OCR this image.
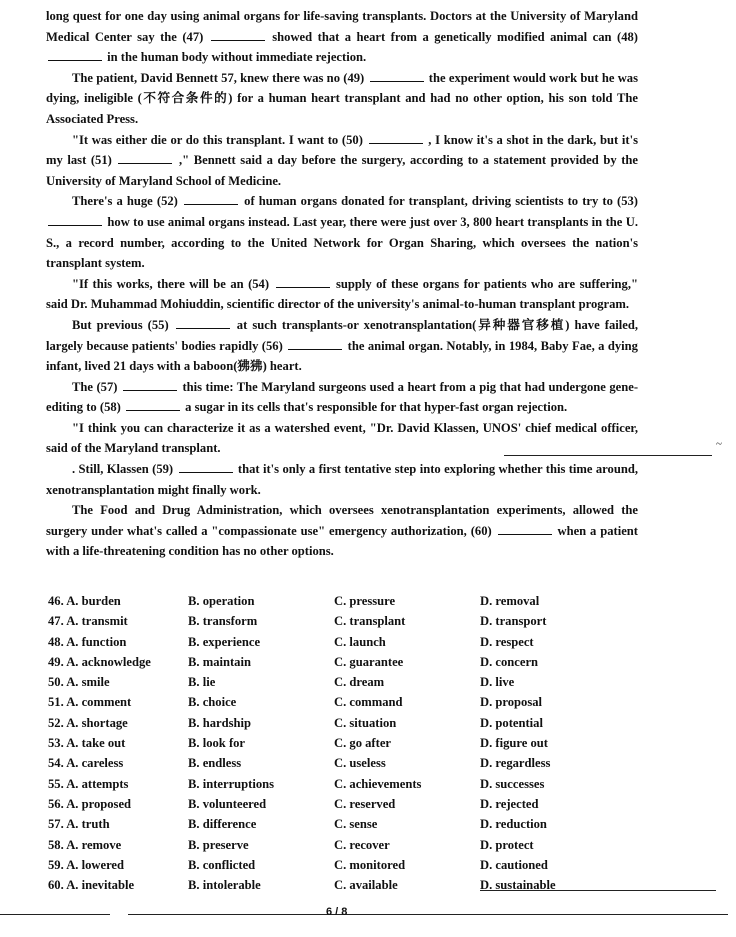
long quest for one day using animal organs for life-saving transplants. Doctors at the University of Maryland Medical Center say the (47)	showed that a heart from a genetically modified animal can (48)  in the human body without immediate rejection.

The patient, David Bennett 57, knew there was no (49)	the experiment would work but he was dying, ineligible (不符合条件的) for a human heart transplant and had no other option, his son told The Associated Press.

"It was either die or do this transplant. I want to (50)	, I know it's a shot in the dark, but it's my last (51)	," Bennett said a day before the surgery, according to a statement provided by the University of Maryland School of Medicine.

There's a huge (52)	of human organs donated for transplant, driving scientists to try to (53)  how to use animal organs instead. Last year, there were just over 3, 800 heart transplants in the U. S., a record number, according to the United Network for Organ Sharing, which oversees the nation's transplant system.

"If this works, there will be an (54)	supply of these organs for patients who are suffering," said Dr. Muhammad Mohiuddin, scientific director of the university's animal-to-human transplant program.

But previous (55)	at such transplants-or xenotransplantation(异种器官移植) have failed, largely because patients' bodies rapidly (56)	the animal organ. Notably, in 1984, Baby Fae, a dying infant, lived 21 days with a baboon(狒狒) heart.

The (57)	this time: The Maryland surgeons used a heart from a pig that had undergone gene-editing to (58)	a sugar in its cells that's responsible for that hyper-fast organ rejection.

"I think you can characterize it as a watershed event, "Dr. David Klassen, UNOS' chief medical officer, said of the Maryland transplant.

. Still, Klassen (59)	that it's only a first tentative step into exploring whether this time around, xenotransplantation might finally work.

The Food and Drug Administration, which oversees xenotransplantation experiments, allowed the surgery under what's called a "compassionate use" emergency authorization, (60)	when a patient with a life-threatening condition has no other options.

46. A. burden	B. operation	C. pressure	D. removal
47. A. transmit	B. transform	C. transplant	D. transport
48. A. function	B. experience	C. launch	D. respect
49. A. acknowledge	B. maintain	C. guarantee	D. concern
50. A. smile	B. lie	C. dream	D. live
51. A. comment	B. choice	C. command	D. proposal
52. A. shortage	B. hardship	C. situation	D. potential
53. A. take out	B. look for	C. go after	D. figure out
54. A. careless	B. endless	C. useless	D. regardless
55. A. attempts	B. interruptions	C. achievements	D. successes
56. A. proposed	B. volunteered	C. reserved	D. rejected
57. A. truth	B. difference	C. sense	D. reduction
58. A. remove	B. preserve	C. recover	D. protect
59. A. lowered	B. conflicted	C. monitored	D. cautioned
60. A. inevitable	B. intolerable	C. available	D. sustainable
~
6 / 8
